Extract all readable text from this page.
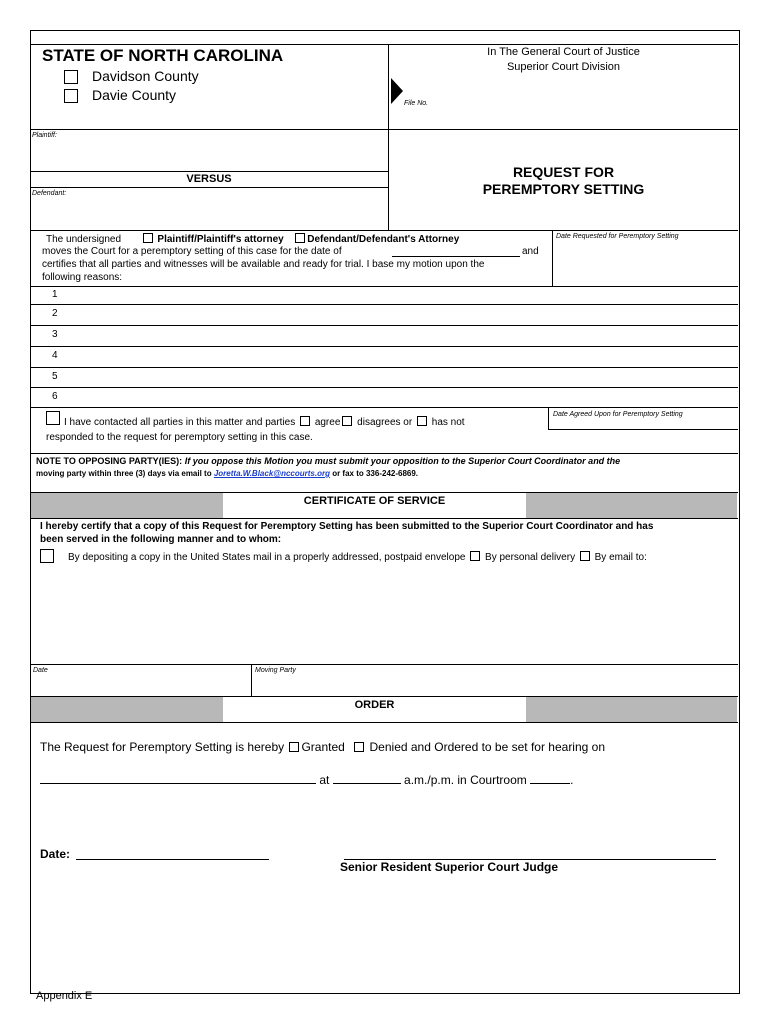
STATE OF NORTH CAROLINA
Davidson County
Davie County
In The General Court of Justice
Superior Court Division
File No.
Plaintiff:
VERSUS
Defendant:
REQUEST FOR
PEREMPTORY SETTING
The undersigned	Plaintiff/Plaintiff's attorney Defendant/Defendant's Attorney
moves the Court for a peremptory setting of this case for the date of	and
certifies that all parties and witnesses will be available and ready for trial. I base my motion upon the
following reasons:
Date Requested for Peremptory Setting
1
2
3
4
5
6
I have contacted all parties in this matter and parties agree disagrees or has not
responded to the request for peremptory setting in this case.
Date Agreed Upon for Peremptory Setting
NOTE TO OPPOSING PARTY(IES): If you oppose this Motion you must submit your opposition to the Superior Court Coordinator and the
moving party within three (3) days via email to Joretta.W.Black@nccourts.org or fax to 336-242-6869.
CERTIFICATE OF SERVICE
I hereby certify that a copy of this Request for Peremptory Setting has been submitted to the Superior Court Coordinator and has
been served in the following manner and to whom:
By depositing a copy in the United States mail in a properly addressed, postpaid envelope By personal delivery By email to:
Date	Moving Party
ORDER
The Request for Peremptory Setting is hereby Granted Denied and Ordered to be set for hearing on
at	a.m./p.m. in Courtroom	.
Date:
Senior Resident Superior Court Judge
Appendix E
